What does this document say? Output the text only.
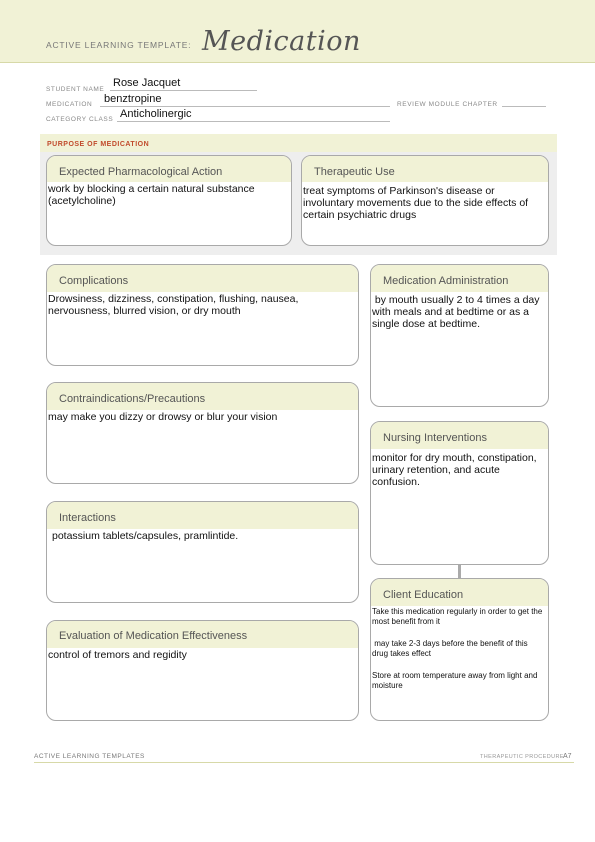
ACTIVE LEARNING TEMPLATE: Medication
STUDENT NAME
Rose Jacquet
MEDICATION benztropine	REVIEW MODULE CHAPTER
CATEGORY CLASS Anticholinergic
PURPOSE OF MEDICATION
Expected Pharmacological Action
work by blocking a certain natural substance (acetylcholine)
Therapeutic Use
treat symptoms of Parkinson's disease or involuntary movements due to the side effects of certain psychiatric drugs
Complications
Drowsiness, dizziness, constipation, flushing, nausea, nervousness, blurred vision, or dry mouth
Medication Administration
by mouth usually 2 to 4 times a day with meals and at bedtime or as a single dose at bedtime.
Contraindications/Precautions
may make you dizzy or drowsy or blur your vision
Nursing Interventions
monitor for dry mouth, constipation, urinary retention, and acute confusion.
Interactions
potassium tablets/capsules, pramlintide.
Client Education
Take this medication regularly in order to get the most benefit from it
may take 2-3 days before the benefit of this drug takes effect
Store at room temperature away from light and moisture
Evaluation of Medication Effectiveness
control of tremors and regidity
ACTIVE LEARNING TEMPLATES	THERAPEUTIC PROCEDURE A7
